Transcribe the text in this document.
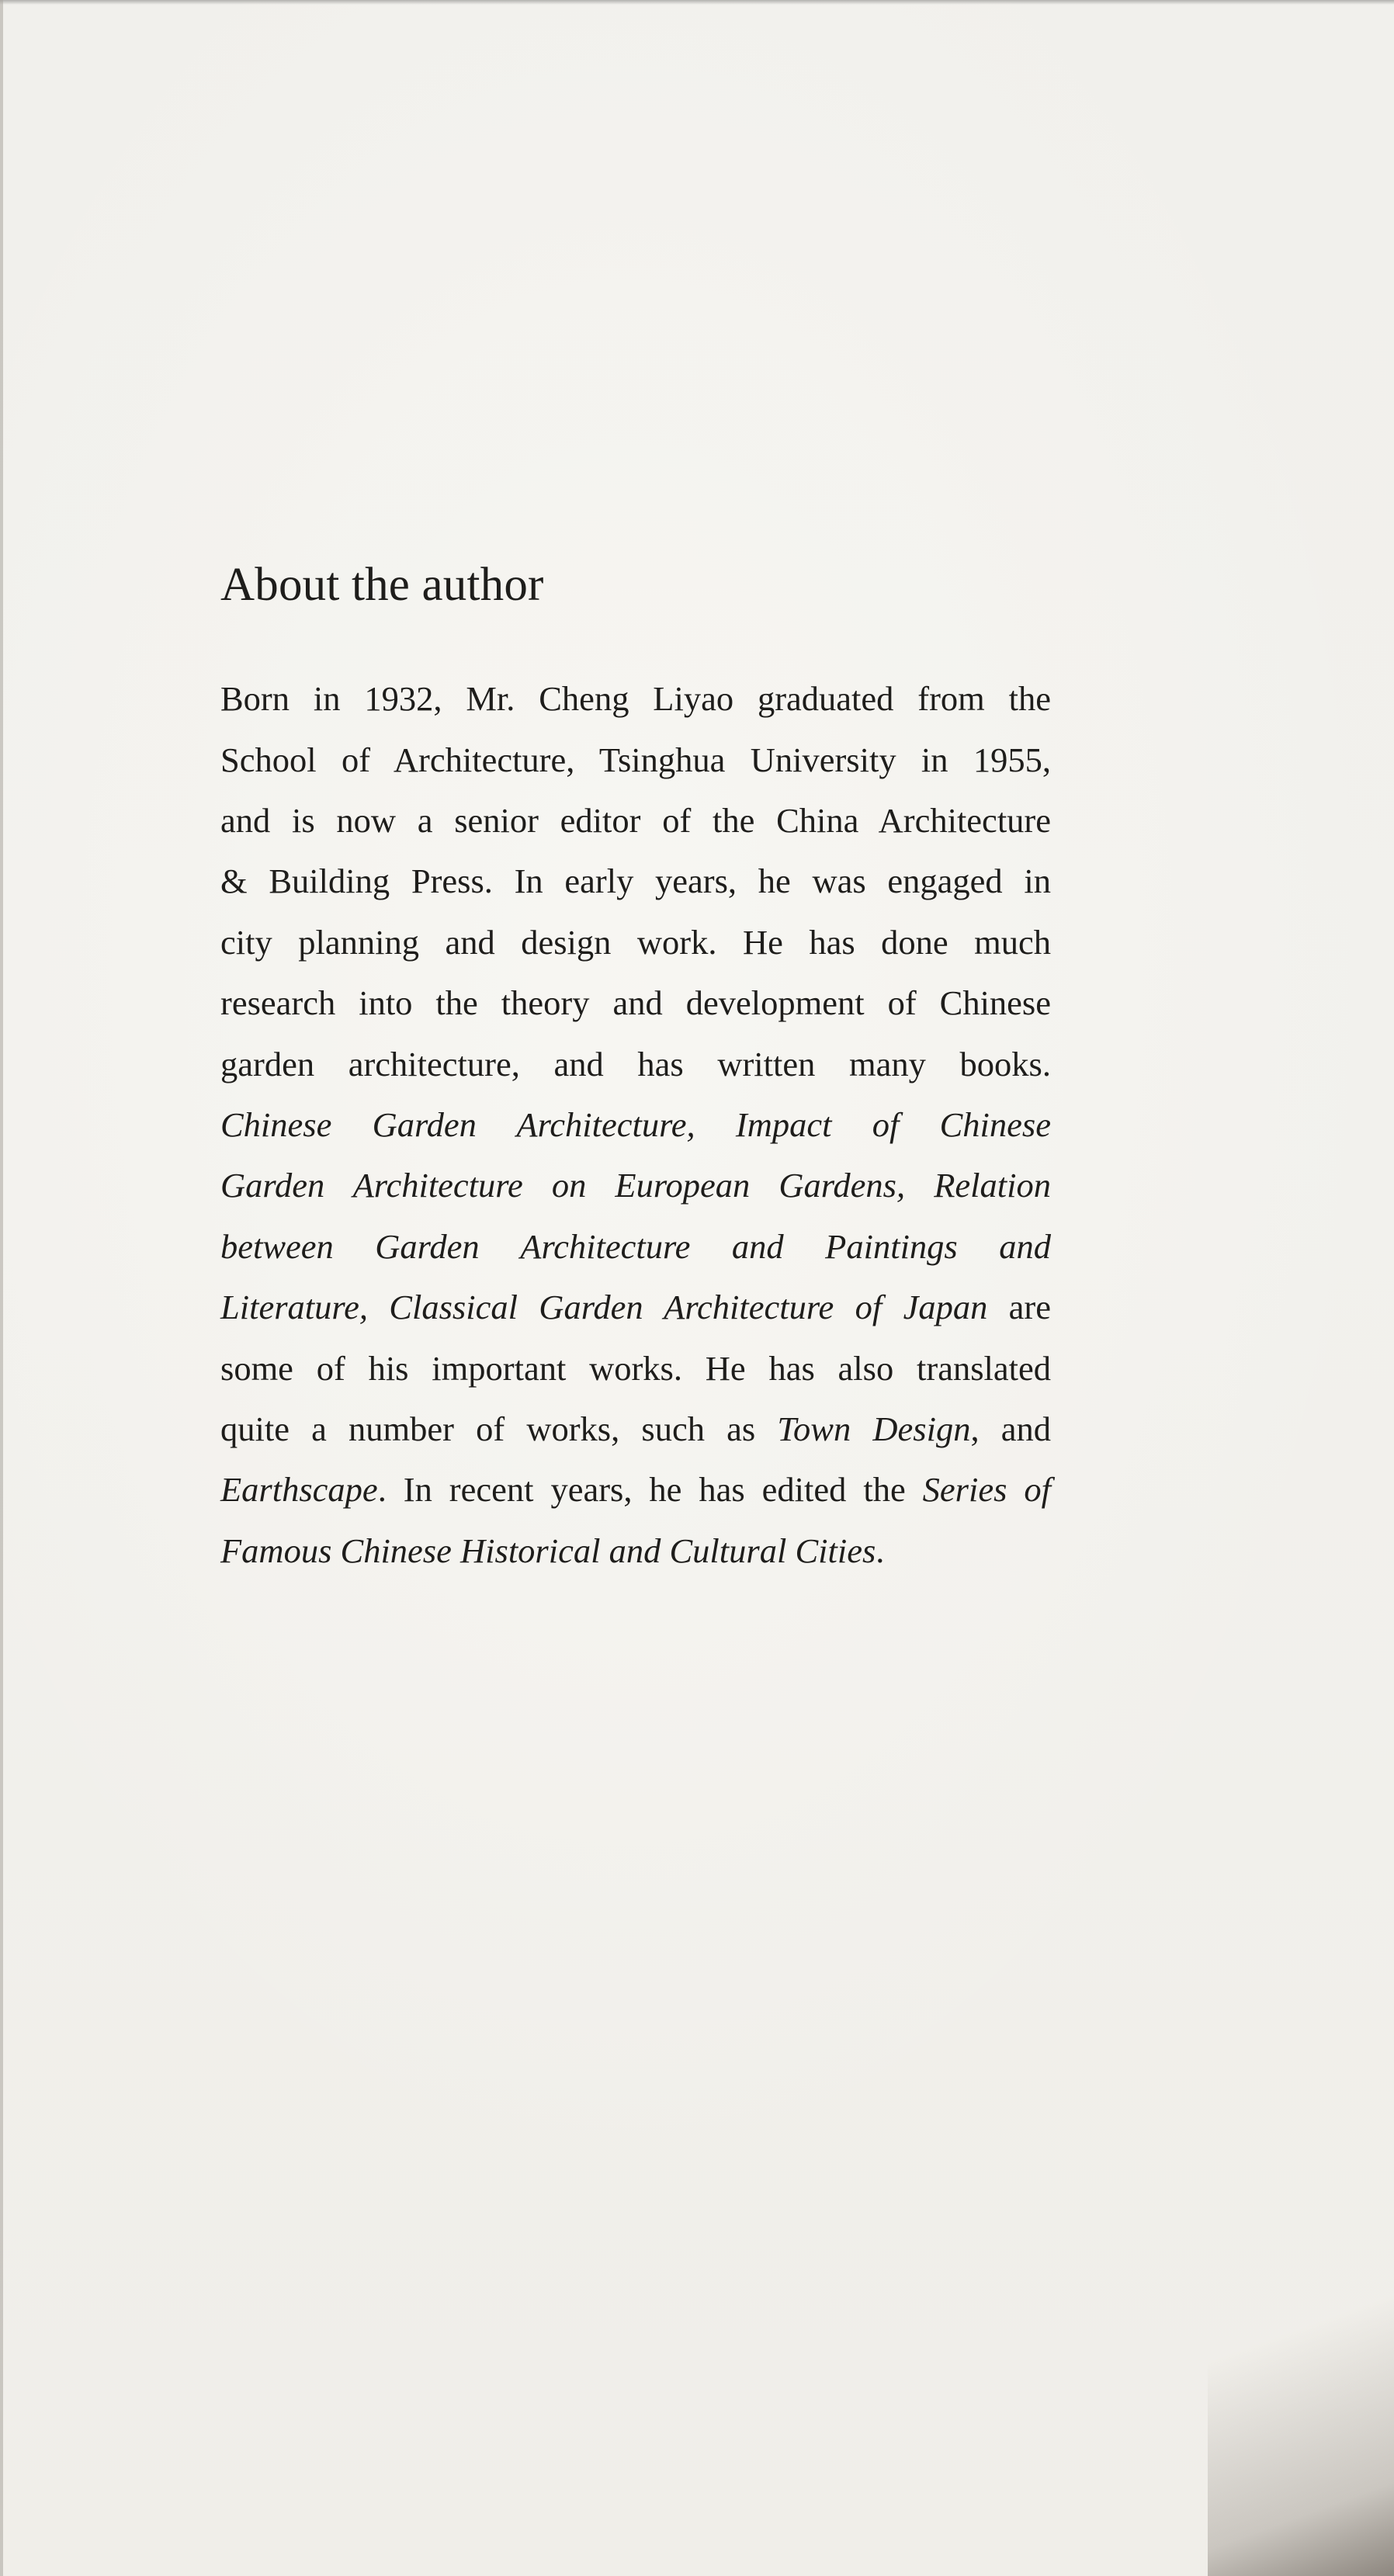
About the author

Born in 1932, Mr. Cheng Liyao graduated from the
School of Architecture, Tsinghua University in 1955,
and is now a senior editor of the China Architecture
& Building Press. In early years, he was engaged in
city planning and design work. He has done much
research into the theory and development of Chinese
garden architecture, and has written many books.
Chinese Garden Architecture, Impact of Chinese
Garden Architecture on European Gardens, Relation
between Garden Architecture and Paintings and
Literature, Classical Garden Architecture of Japan are
some of his important works. He has also translated
quite a number of works, such as Town Design, and
Earthscape. In recent years, he has edited the Series of
Famous Chinese Historical and Cultural Cities.
